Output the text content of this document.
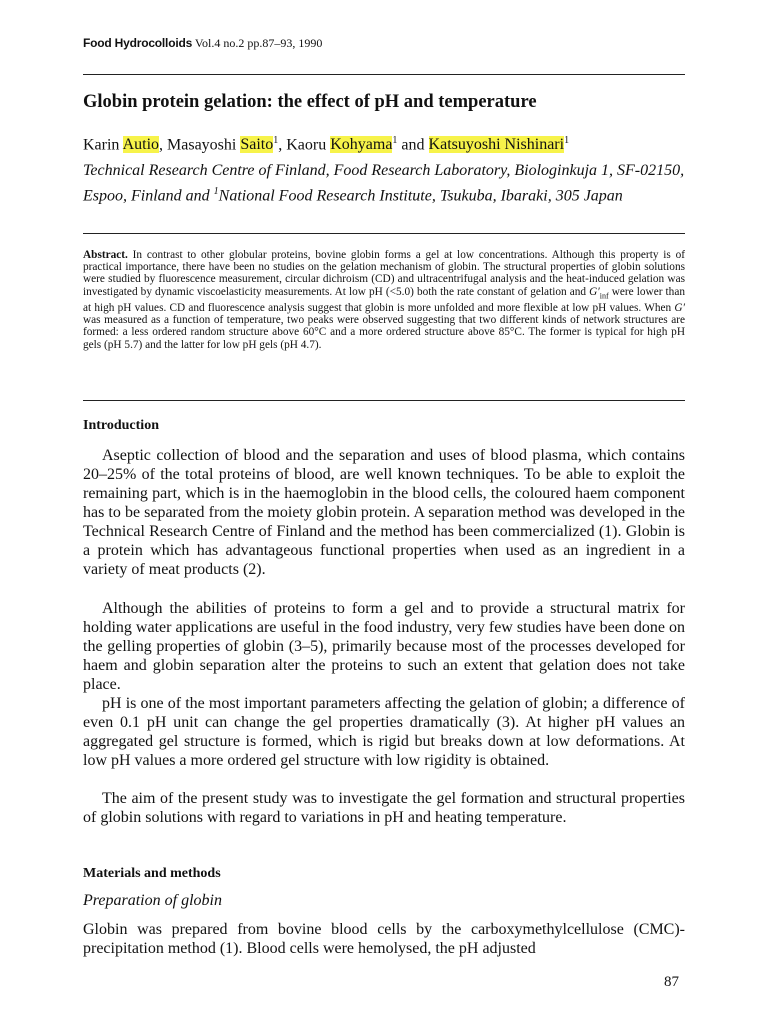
Food Hydrocolloids Vol.4 no.2 pp.87–93, 1990
Globin protein gelation: the effect of pH and temperature
Karin Autio, Masayoshi Saito$^1$, Kaoru Kohyama$^1$ and Katsuyoshi Nishinari$^1$
Technical Research Centre of Finland, Food Research Laboratory, Biologinkuja 1, SF-02150, Espoo, Finland and $^1$National Food Research Institute, Tsukuba, Ibaraki, 305 Japan
Abstract. In contrast to other globular proteins, bovine globin forms a gel at low concentrations. Although this property is of practical importance, there have been no studies on the gelation mechanism of globin. The structural properties of globin solutions were studied by fluorescence measurement, circular dichroism (CD) and ultracentrifugal analysis and the heat-induced gelation was investigated by dynamic viscoelasticity measurements. At low pH (<5.0) both the rate constant of gelation and $G'_{inf}$ were lower than at high pH values. CD and fluorescence analysis suggest that globin is more unfolded and more flexible at low pH values. When G′ was measured as a function of temperature, two peaks were observed suggesting that two different kinds of network structures are formed: a less ordered random structure above 60°C and a more ordered structure above 85°C. The former is typical for high pH gels (pH 5.7) and the latter for low pH gels (pH 4.7).
Introduction

Aseptic collection of blood and the separation and uses of blood plasma, which contains 20–25% of the total proteins of blood, are well known techniques. To be able to exploit the remaining part, which is in the haemoglobin in the blood cells, the coloured haem component has to be separated from the moiety globin protein. A separation method was developed in the Technical Research Centre of Finland and the method has been commercialized (1). Globin is a protein which has advantageous functional properties when used as an ingredient in a variety of meat products (2).

Although the abilities of proteins to form a gel and to provide a structural matrix for holding water applications are useful in the food industry, very few studies have been done on the gelling properties of globin (3–5), primarily because most of the processes developed for haem and globin separation alter the proteins to such an extent that gelation does not take place.

pH is one of the most important parameters affecting the gelation of globin; a difference of even 0.1 pH unit can change the gel properties dramatically (3). At higher pH values an aggregated gel structure is formed, which is rigid but breaks down at low deformations. At low pH values a more ordered gel structure with low rigidity is obtained.

The aim of the present study was to investigate the gel formation and structural properties of globin solutions with regard to variations in pH and heating temperature.

Materials and methods
Preparation of globin

Globin was prepared from bovine blood cells by the carboxymethylcellulose (CMC)-precipitation method (1). Blood cells were hemolysed, the pH adjusted

87
